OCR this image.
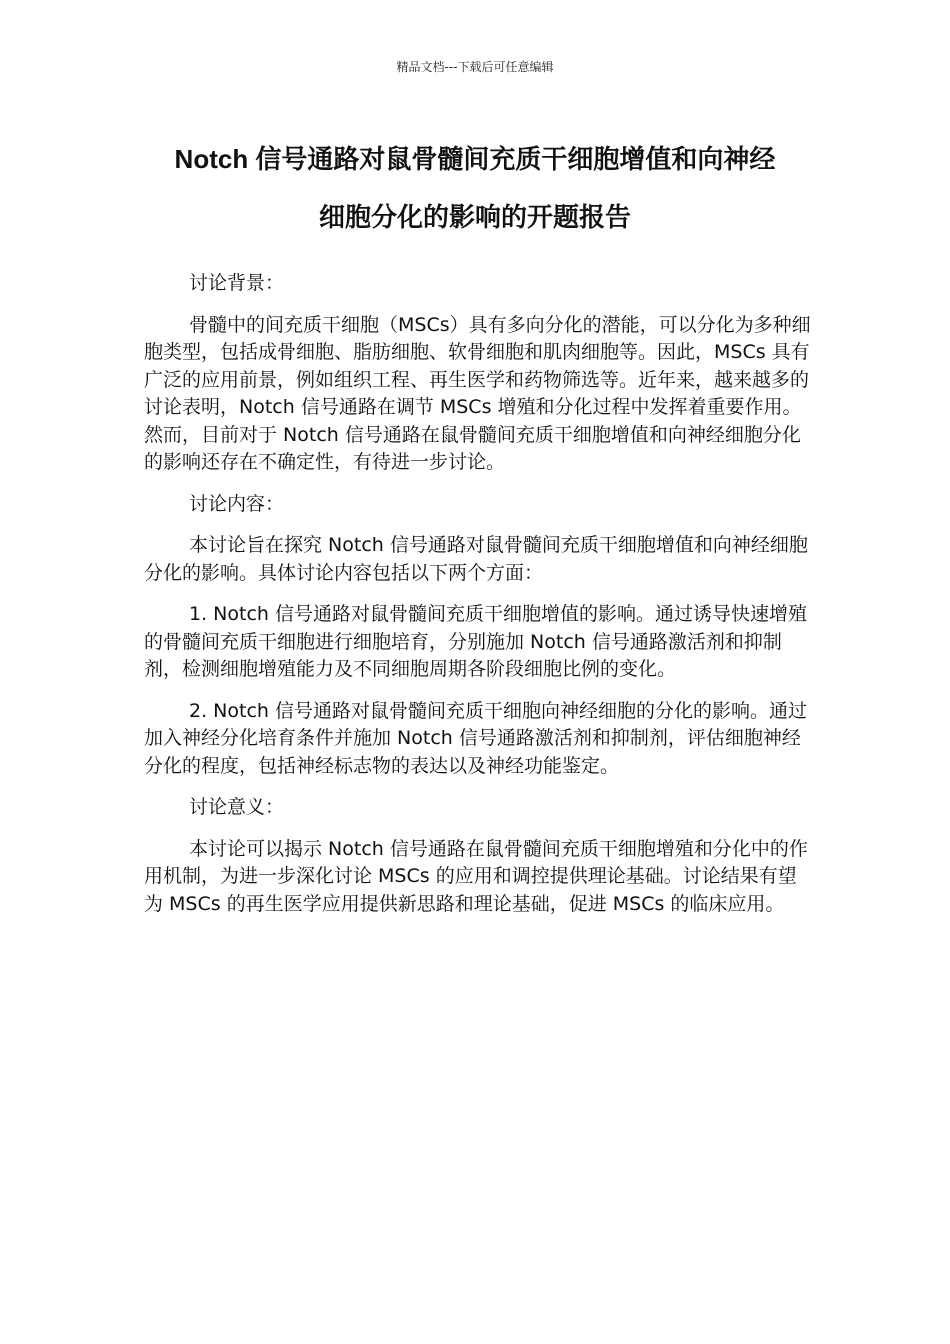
精品文档---下载后可任意编辑
Notch 信号通路对鼠骨髓间充质干细胞增值和向神经
细胞分化的影响的开题报告

讨论背景：

骨髓中的间充质干细胞（MSCs）具有多向分化的潜能，可以分化为多种细胞类型，包括成骨细胞、脂肪细胞、软骨细胞和肌肉细胞等。因此，MSCs 具有广泛的应用前景，例如组织工程、再生医学和药物筛选等。近年来，越来越多的讨论表明，Notch 信号通路在调节 MSCs 增殖和分化过程中发挥着重要作用。然而，目前对于 Notch 信号通路在鼠骨髓间充质干细胞增值和向神经细胞分化的影响还存在不确定性，有待进一步讨论。

讨论内容：

本讨论旨在探究 Notch 信号通路对鼠骨髓间充质干细胞增值和向神经细胞分化的影响。具体讨论内容包括以下两个方面：

1. Notch 信号通路对鼠骨髓间充质干细胞增值的影响。通过诱导快速增殖的骨髓间充质干细胞进行细胞培育，分别施加 Notch 信号通路激活剂和抑制剂，检测细胞增殖能力及不同细胞周期各阶段细胞比例的变化。

2. Notch 信号通路对鼠骨髓间充质干细胞向神经细胞的分化的影响。通过加入神经分化培育条件并施加 Notch 信号通路激活剂和抑制剂，评估细胞神经分化的程度，包括神经标志物的表达以及神经功能鉴定。

讨论意义：

本讨论可以揭示 Notch 信号通路在鼠骨髓间充质干细胞增殖和分化中的作用机制，为进一步深化讨论 MSCs 的应用和调控提供理论基础。讨论结果有望为 MSCs 的再生医学应用提供新思路和理论基础，促进 MSCs 的临床应用。
